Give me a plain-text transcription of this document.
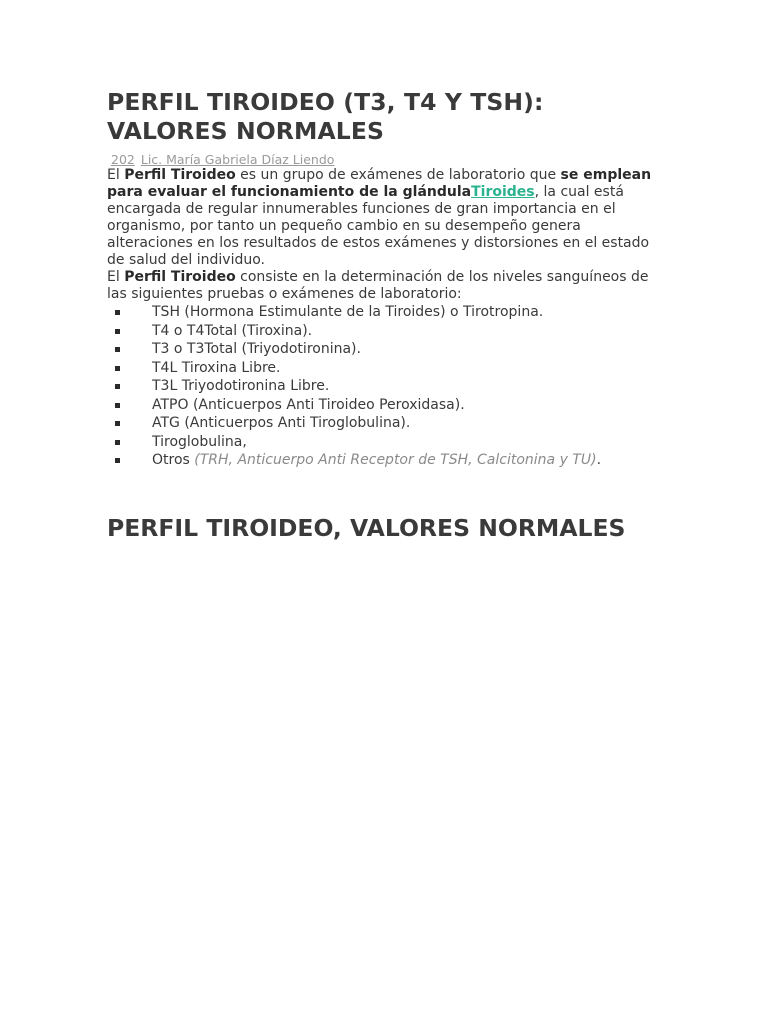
PERFIL TIROIDEO (T3, T4 Y TSH):
VALORES NORMALES
202 Lic. María Gabriela Díaz Liendo

El Perfil Tiroideo es un grupo de exámenes de laboratorio que se emplean para evaluar el funcionamiento de la glándulaTiroides, la cual está encargada de regular innumerables funciones de gran importancia en el organismo, por tanto un pequeño cambio en su desempeño genera alteraciones en los resultados de estos exámenes y distorsiones en el estado de salud del individuo.

El Perfil Tiroideo consiste en la determinación de los niveles sanguíneos de las siguientes pruebas o exámenes de laboratorio:

TSH (Hormona Estimulante de la Tiroides) o Tirotropina.
T4 o T4Total (Tiroxina).
T3 o T3Total (Triyodotironina).
T4L Tiroxina Libre.
T3L Triyodotironina Libre.
ATPO (Anticuerpos Anti Tiroideo Peroxidasa).
ATG (Anticuerpos Anti Tiroglobulina).
Tiroglobulina,
Otros (TRH, Anticuerpo Anti Receptor de TSH, Calcitonina y TU).
PERFIL TIROIDEO, VALORES NORMALES
